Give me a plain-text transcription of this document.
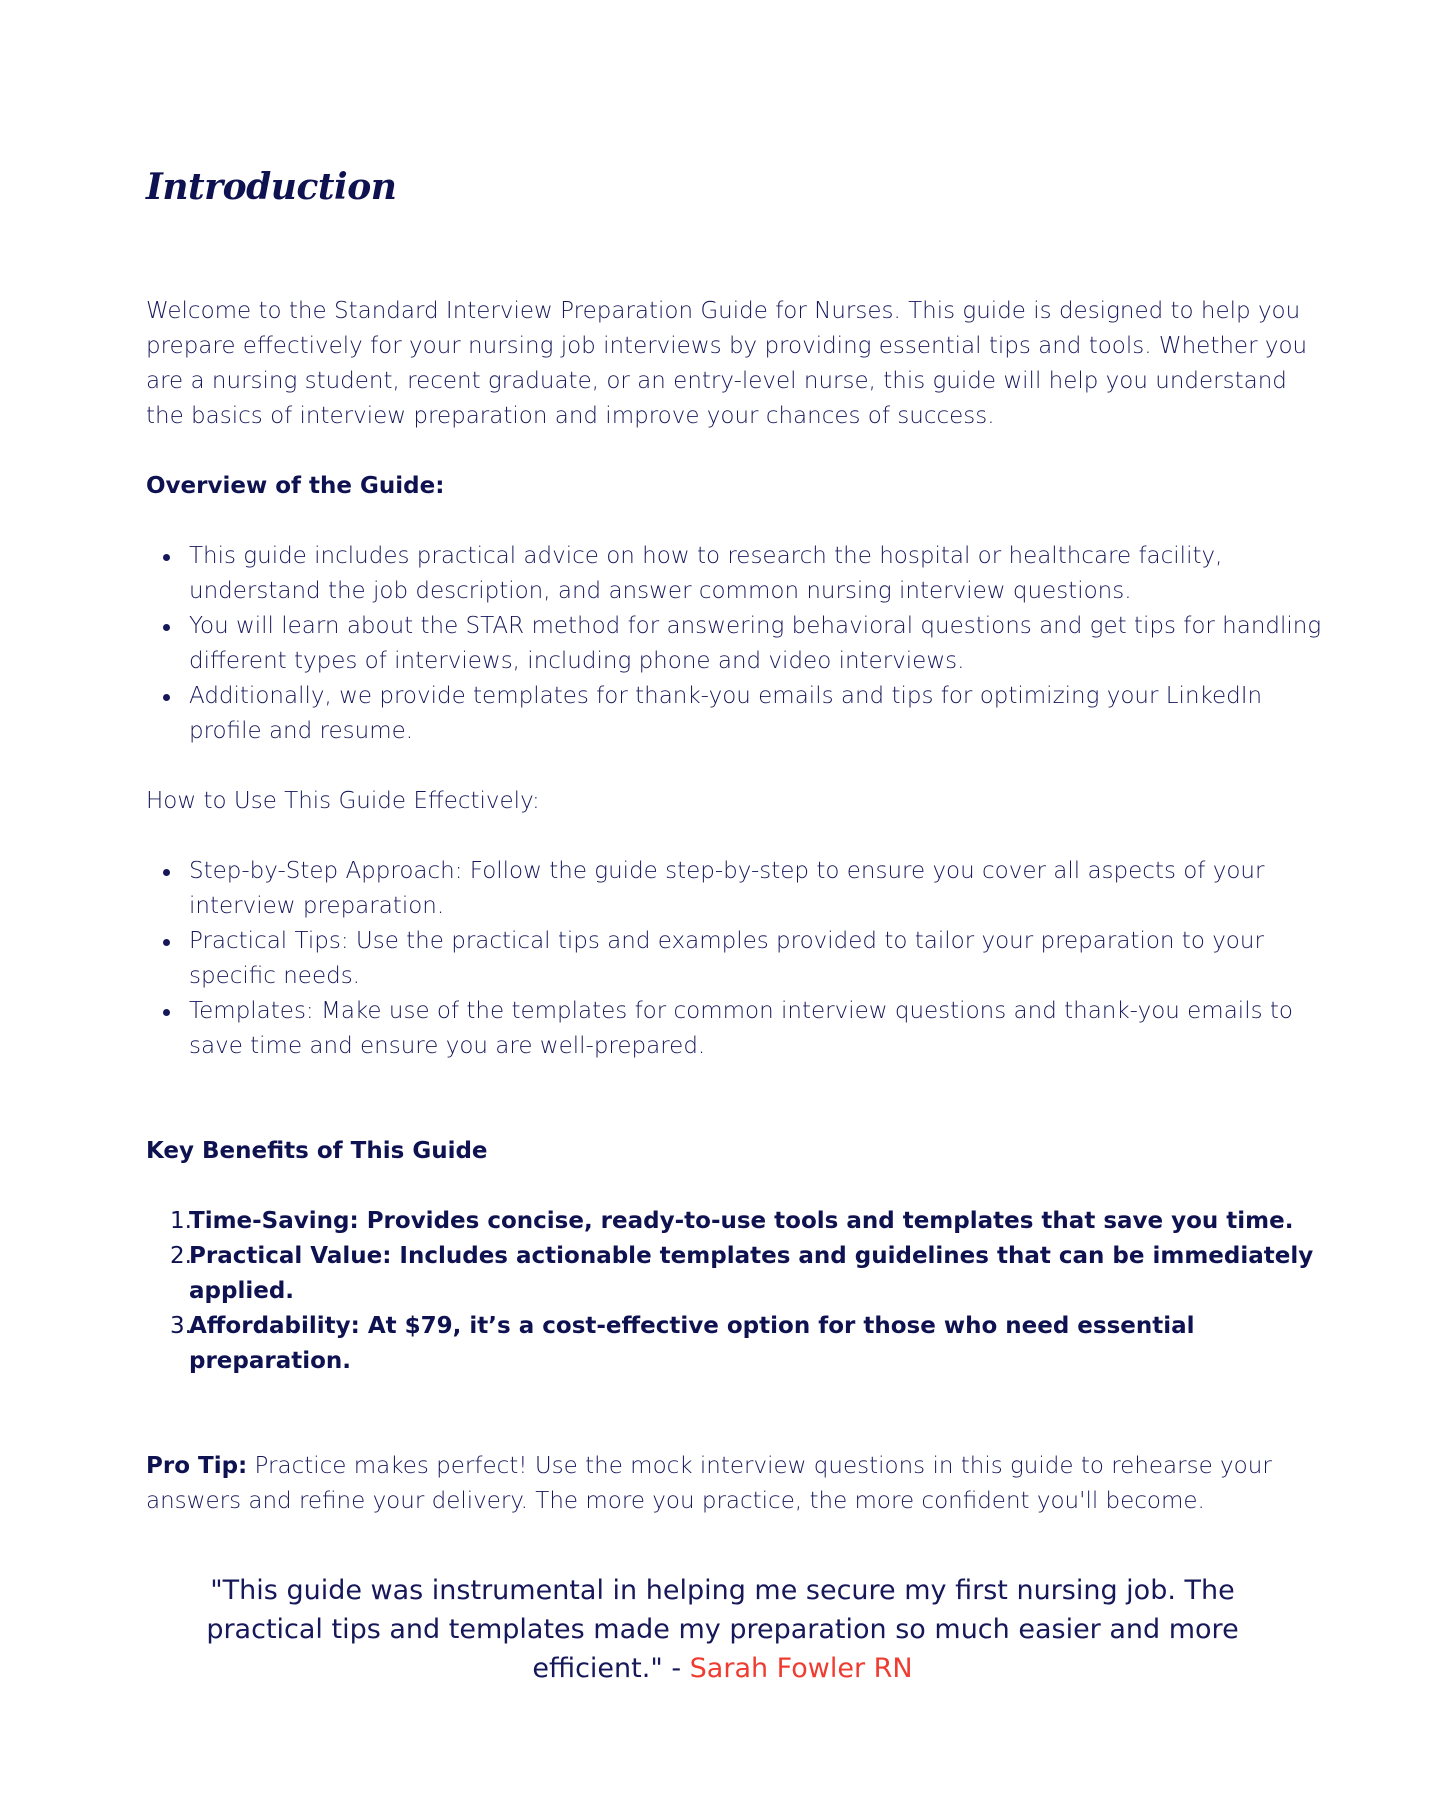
Introduction

Welcome to the Standard Interview Preparation Guide for Nurses. This guide is designed to help you prepare effectively for your nursing job interviews by providing essential tips and tools. Whether you are a nursing student, recent graduate, or an entry-level nurse, this guide will help you understand the basics of interview preparation and improve your chances of success.

Overview of the Guide:

This guide includes practical advice on how to research the hospital or healthcare facility, understand the job description, and answer common nursing interview questions.
You will learn about the STAR method for answering behavioral questions and get tips for handling different types of interviews, including phone and video interviews.
Additionally, we provide templates for thank-you emails and tips for optimizing your LinkedIn profile and resume.

How to Use This Guide Effectively:

Step-by-Step Approach: Follow the guide step-by-step to ensure you cover all aspects of your interview preparation.
Practical Tips: Use the practical tips and examples provided to tailor your preparation to your specific needs.
Templates: Make use of the templates for common interview questions and thank-you emails to save time and ensure you are well-prepared.

Key Benefits of This Guide

1.
Time-Saving: Provides concise, ready-to-use tools and templates that save you time.
2.
Practical Value: Includes actionable templates and guidelines that can be immediately applied.
3.
Affordability: At $79, it’s a cost-effective option for those who need essential preparation.

Pro Tip: Practice makes perfect! Use the mock interview questions in this guide to rehearse your answers and refine your delivery. The more you practice, the more confident you'll become.

"This guide was instrumental in helping me secure my first nursing job. The practical tips and templates made my preparation so much easier and more efficient." - Sarah Fowler RN
